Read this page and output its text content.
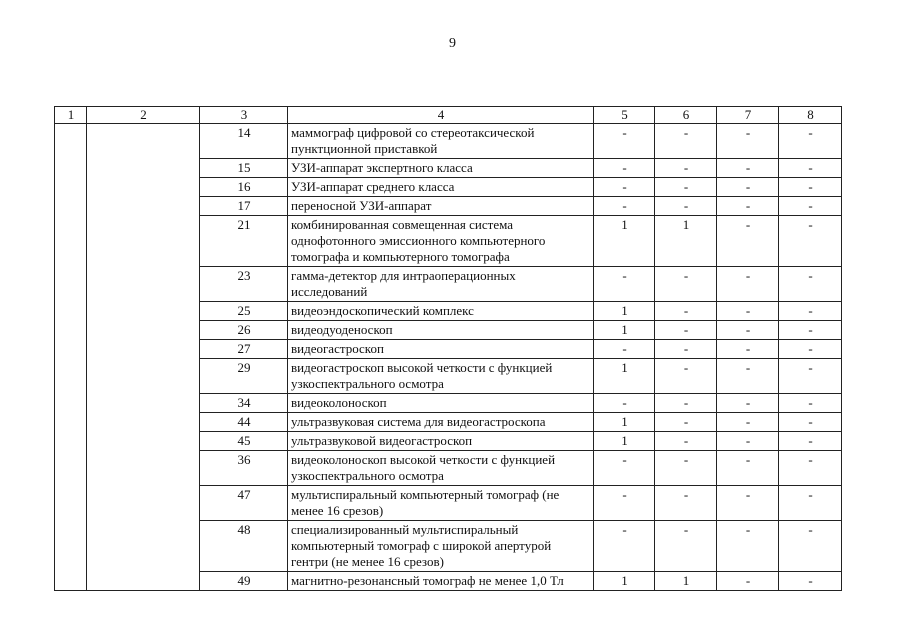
9
1	2	3	4	5	6	7	8
		14	маммограф цифровой со стереотаксической пунктционной приставкой	-	-	-	-
		15	УЗИ-аппарат экспертного класса	-	-	-	-
		16	УЗИ-аппарат среднего класса	-	-	-	-
		17	переносной УЗИ-аппарат	-	-	-	-
		21	комбинированная совмещенная система однофотонного эмиссионного компьютерного томографа и компьютерного томографа	1	1	-	-
		23	гамма-детектор для интраоперационных исследований	-	-	-	-
		25	видеоэндоскопический комплекс	1	-	-	-
		26	видеодуоденоскоп	1	-	-	-
		27	видеогастроскоп	-	-	-	-
		29	видеогастроскоп высокой четкости с функцией узкоспектрального осмотра	1	-	-	-
		34	видеоколоноскоп	-	-	-	-
		44	ультразвуковая система для видеогастроскопа	1	-	-	-
		45	ультразвуковой видеогастроскоп	1	-	-	-
		36	видеоколоноскоп высокой четкости с функцией узкоспектрального осмотра	-	-	-	-
		47	мультиспиральный компьютерный томограф (не менее 16 срезов)	-	-	-	-
		48	специализированный мультиспиральный компьютерный томограф с широкой апертурой гентри (не менее 16 срезов)	-	-	-	-
		49	магнитно-резонансный томограф не менее 1,0 Тл	1	1	-	-
